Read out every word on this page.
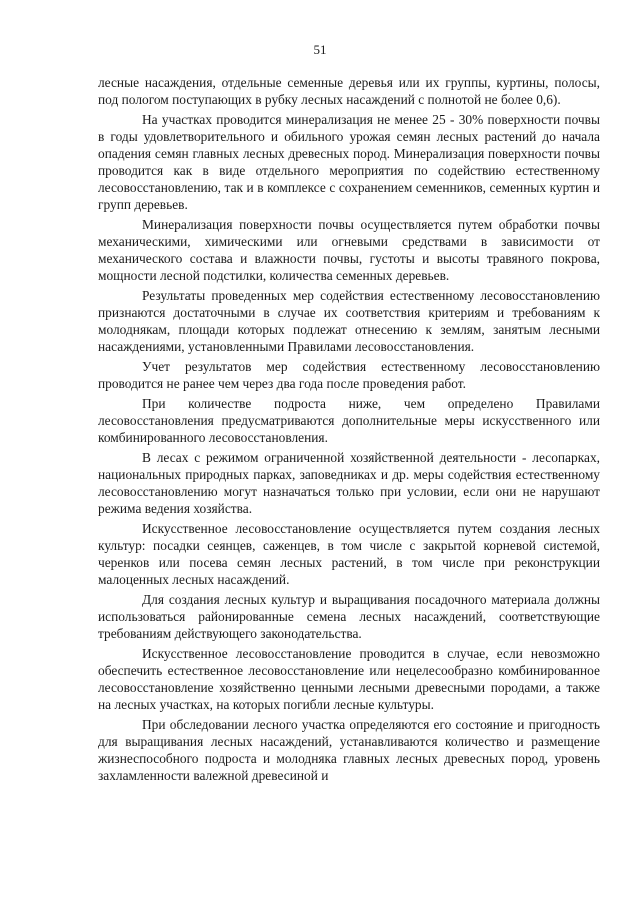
51

лесные насаждения, отдельные семенные деревья или их группы, куртины, полосы, под пологом поступающих в рубку лесных насаждений с полнотой не более 0,6).

На участках проводится минерализация не менее 25 - 30% поверхности почвы в годы удовлетворительного и обильного урожая семян лесных растений до начала опадения семян главных лесных древесных пород. Минерализация поверхности почвы проводится как в виде отдельного мероприятия по содействию естественному лесовосстановлению, так и в комплексе с сохранением семенников, семенных куртин и групп деревьев.

Минерализация поверхности почвы осуществляется путем обработки почвы механическими, химическими или огневыми средствами в зависимости от механического состава и влажности почвы, густоты и высоты травяного покрова, мощности лесной подстилки, количества семенных деревьев.

Результаты проведенных мер содействия естественному лесовосстановлению признаются достаточными в случае их соответствия критериям и требованиям к молоднякам, площади которых подлежат отнесению к землям, занятым лесными насаждениями, установленными Правилами лесовосстановления.

Учет результатов мер содействия естественному лесовосстановлению проводится не ранее чем через два года после проведения работ.

При количестве подроста ниже, чем определено Правилами лесовосстановления предусматриваются дополнительные меры искусственного или комбинированного лесовосстановления.

В лесах с режимом ограниченной хозяйственной деятельности - лесопарках, национальных природных парках, заповедниках и др. меры содействия естественному лесовосстановлению могут назначаться только при условии, если они не нарушают режима ведения хозяйства.

Искусственное лесовосстановление осуществляется путем создания лесных культур: посадки сеянцев, саженцев, в том числе с закрытой корневой системой, черенков или посева семян лесных растений, в том числе при реконструкции малоценных лесных насаждений.

Для создания лесных культур и выращивания посадочного материала должны использоваться районированные семена лесных насаждений, соответствующие требованиям действующего законодательства.

Искусственное лесовосстановление проводится в случае, если невозможно обеспечить естественное лесовосстановление или нецелесообразно комбинированное лесовосстановление хозяйственно ценными лесными древесными породами, а также на лесных участках, на которых погибли лесные культуры.

При обследовании лесного участка определяются его состояние и пригодность для выращивания лесных насаждений, устанавливаются количество и размещение жизнеспособного подроста и молодняка главных лесных древесных пород, уровень захламленности валежной древесиной и
